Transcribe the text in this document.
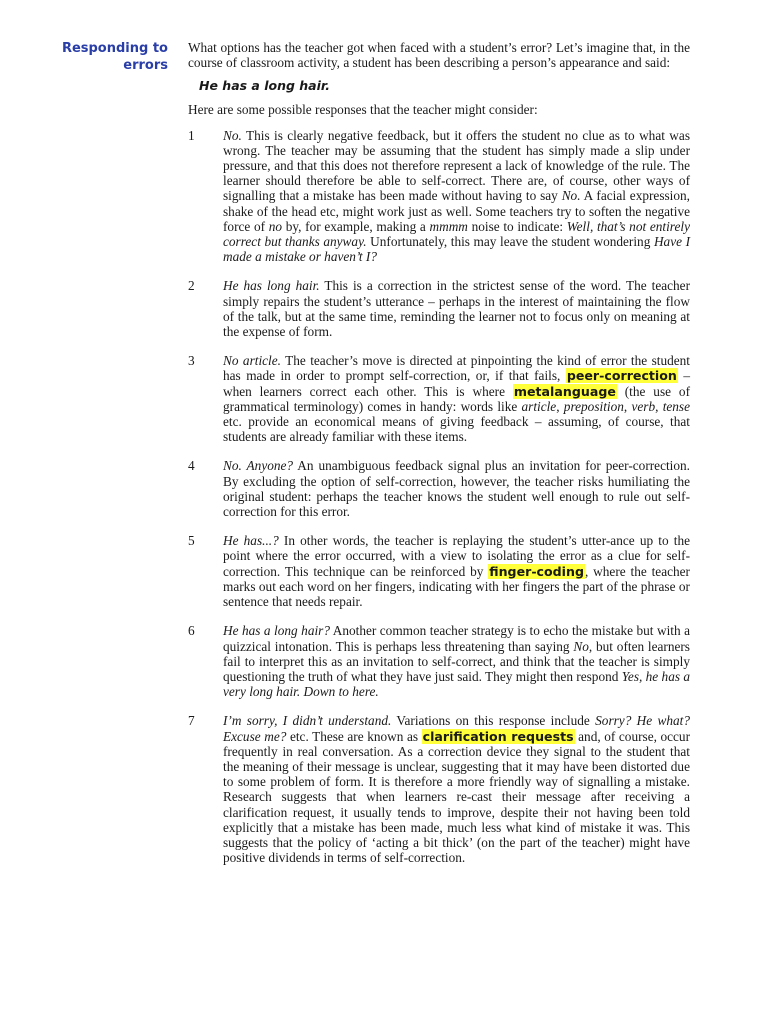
Responding to errors

What options has the teacher got when faced with a student’s error? Let’s imagine that, in the course of classroom activity, a student has been describing a person’s appearance and said:

He has a long hair.

Here are some possible responses that the teacher might consider:

1	No. This is clearly negative feedback, but it offers the student no clue as to what was wrong. The teacher may be assuming that the student has simply made a slip under pressure, and that this does not therefore represent a lack of knowledge of the rule. The learner should therefore be able to self-correct. There are, of course, other ways of signalling that a mistake has been made without having to say No. A facial expression, shake of the head etc, might work just as well. Some teachers try to soften the negative force of no by, for example, making a mmmm noise to indicate: Well, that’s not entirely correct but thanks anyway. Unfortunately, this may leave the student wondering Have I made a mistake or haven’t I?
2	He has long hair. This is a correction in the strictest sense of the word. The teacher simply repairs the student’s utterance – perhaps in the interest of maintaining the flow of the talk, but at the same time, reminding the learner not to focus only on meaning at the expense of form.
3	No article. The teacher’s move is directed at pinpointing the kind of error the student has made in order to prompt self-correction, or, if that fails, peer-correction – when learners correct each other. This is where metalanguage (the use of grammatical terminology) comes in handy: words like article, preposition, verb, tense etc. provide an economical means of giving feedback – assuming, of course, that students are already familiar with these items.
4	No. Anyone? An unambiguous feedback signal plus an invitation for peer-correction. By excluding the option of self-correction, however, the teacher risks humiliating the original student: perhaps the teacher knows the student well enough to rule out self-correction for this error.
5	He has...? In other words, the teacher is replaying the student’s utter-ance up to the point where the error occurred, with a view to isolating the error as a clue for self-correction. This technique can be reinforced by finger-coding, where the teacher marks out each word on her fingers, indicating with her fingers the part of the phrase or sentence that needs repair.
6	He has a long hair? Another common teacher strategy is to echo the mistake but with a quizzical intonation. This is perhaps less threatening than saying No, but often learners fail to interpret this as an invitation to self-correct, and think that the teacher is simply questioning the truth of what they have just said. They might then respond Yes, he has a very long hair. Down to here.
7	I’m sorry, I didn’t understand. Variations on this response include Sorry? He what? Excuse me? etc. These are known as clarification requests and, of course, occur frequently in real conversation. As a correction device they signal to the student that the meaning of their message is unclear, suggesting that it may have been distorted due to some problem of form. It is therefore a more friendly way of signalling a mistake. Research suggests that when learners re-cast their message after receiving a clarification request, it usually tends to improve, despite their not having been told explicitly that a mistake has been made, much less what kind of mistake it was. This suggests that the policy of ‘acting a bit thick’ (on the part of the teacher) might have positive dividends in terms of self-correction.
